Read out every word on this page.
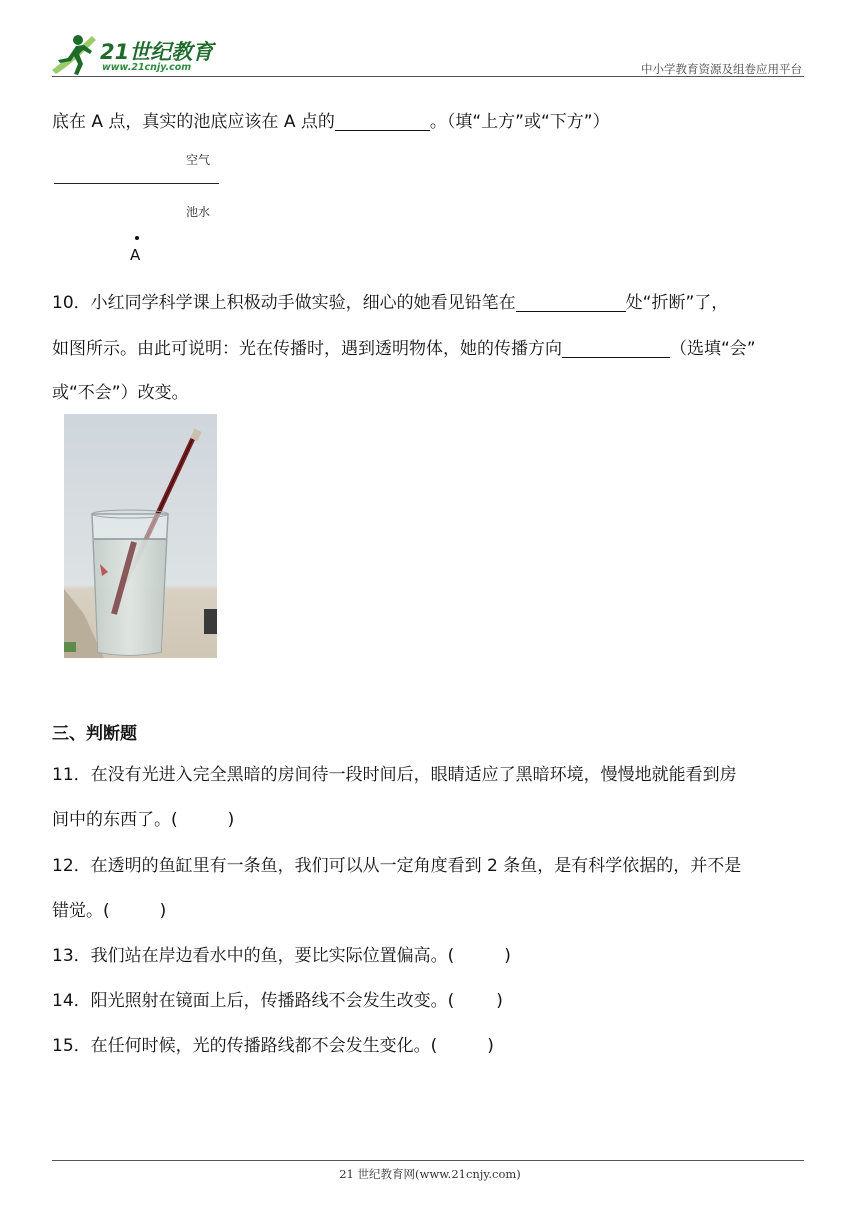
21世纪教育
www.21cnjy.com	中小学教育资源及组卷应用平台
底在 A 点，真实的池底应该在 A 点的	。（填“上方”或“下方”）
空气
池水
A
10．小红同学科学课上积极动手做实验，细心的她看见铅笔在	处“折断”了，
如图所示。由此可说明：光在传播时，遇到透明物体，她的传播方向	（选填“会”
或“不会”）改变。
三、判断题
11．在没有光进入完全黑暗的房间待一段时间后，眼睛适应了黑暗环境，慢慢地就能看到房
间中的东西了。(	)
12．在透明的鱼缸里有一条鱼，我们可以从一定角度看到 2 条鱼，是有科学依据的，并不是
错觉。(	)
13．我们站在岸边看水中的鱼，要比实际位置偏高。(	)
14．阳光照射在镜面上后，传播路线不会发生改变。( )
15．在任何时候，光的传播路线都不会发生变化。(	)
21 世纪教育网(www.21cnjy.com)
